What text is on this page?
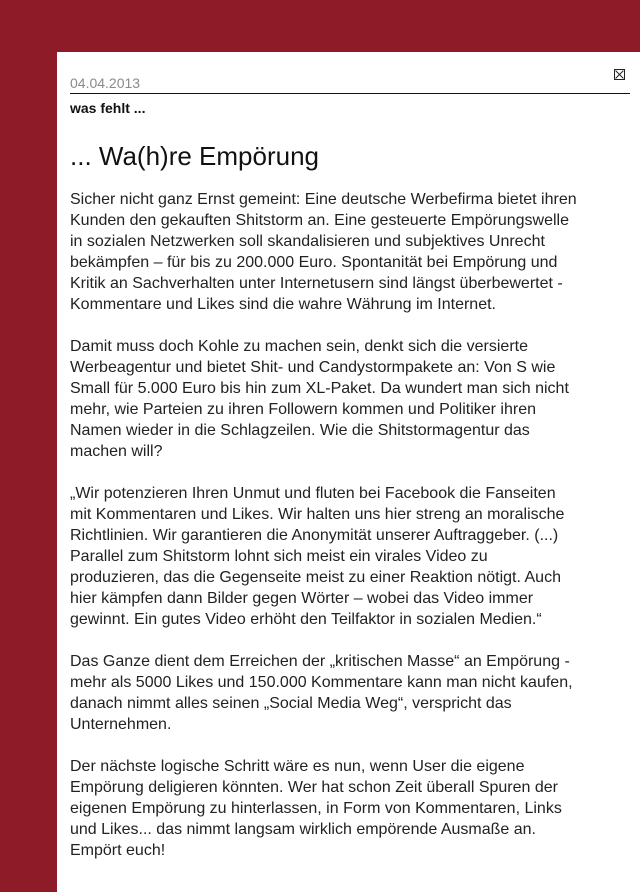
04.04.2013
was fehlt ...
... Wa(h)re Empörung

Sicher nicht ganz Ernst gemeint: Eine deutsche Werbefirma bietet ihren Kunden den gekauften Shitstorm an. Eine gesteuerte Empörungswelle in sozialen Netzwerken soll skandalisieren und subjektives Unrecht bekämpfen – für bis zu 200.000 Euro. Spontanität bei Empörung und Kritik an Sachverhalten unter Internetusern sind längst überbewertet - Kommentare und Likes sind die wahre Währung im Internet.

Damit muss doch Kohle zu machen sein, denkt sich die versierte Werbeagentur und bietet Shit- und Candystormpakete an: Von S wie Small für 5.000 Euro bis hin zum XL-Paket. Da wundert man sich nicht mehr, wie Parteien zu ihren Followern kommen und Politiker ihren Namen wieder in die Schlagzeilen. Wie die Shitstormagentur das machen will?

„Wir potenzieren Ihren Unmut und fluten bei Facebook die Fanseiten mit Kommentaren und Likes. Wir halten uns hier streng an moralische Richtlinien. Wir garantieren die Anonymität unserer Auftraggeber. (...) Parallel zum Shitstorm lohnt sich meist ein virales Video zu produzieren, das die Gegenseite meist zu einer Reaktion nötigt. Auch hier kämpfen dann Bilder gegen Wörter – wobei das Video immer gewinnt. Ein gutes Video erhöht den Teilfaktor in sozialen Medien.“

Das Ganze dient dem Erreichen der „kritischen Masse“ an Empörung - mehr als 5000 Likes und 150.000 Kommentare kann man nicht kaufen, danach nimmt alles seinen „Social Media Weg“, verspricht das Unternehmen.

Der nächste logische Schritt wäre es nun, wenn User die eigene Empörung deligieren könnten. Wer hat schon Zeit überall Spuren der eigenen Empörung zu hinterlassen, in Form von Kommentaren, Links und Likes... das nimmt langsam wirklich empörende Ausmaße an. Empört euch!
